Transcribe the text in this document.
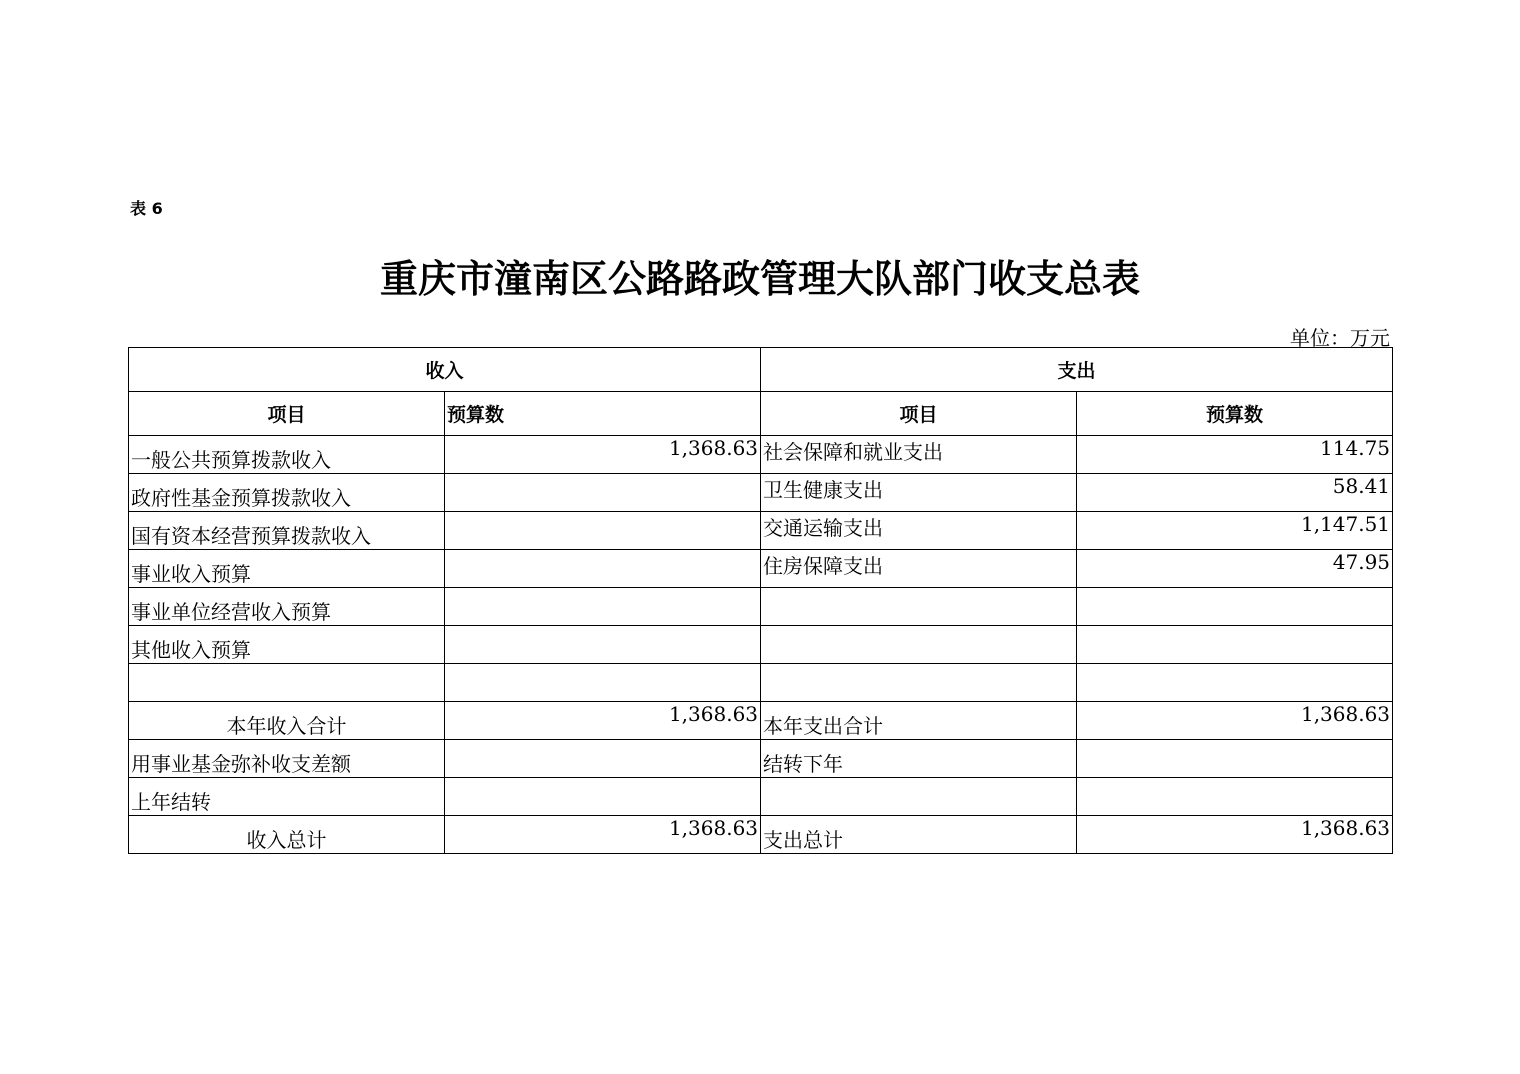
表 6
重庆市潼南区公路路政管理大队部门收支总表
单位：万元
收入		支出	
项目	预算数	项目	预算数
一般公共预算拨款收入	1,368.63	社会保障和就业支出	114.75
政府性基金预算拨款收入		卫生健康支出	58.41
国有资本经营预算拨款收入		交通运输支出	1,147.51
事业收入预算		住房保障支出	47.95
事业单位经营收入预算			
其他收入预算			

本年收入合计	1,368.63	本年支出合计	1,368.63
用事业基金弥补收支差额		结转下年	
上年结转			
收入总计	1,368.63	支出总计	1,368.63
